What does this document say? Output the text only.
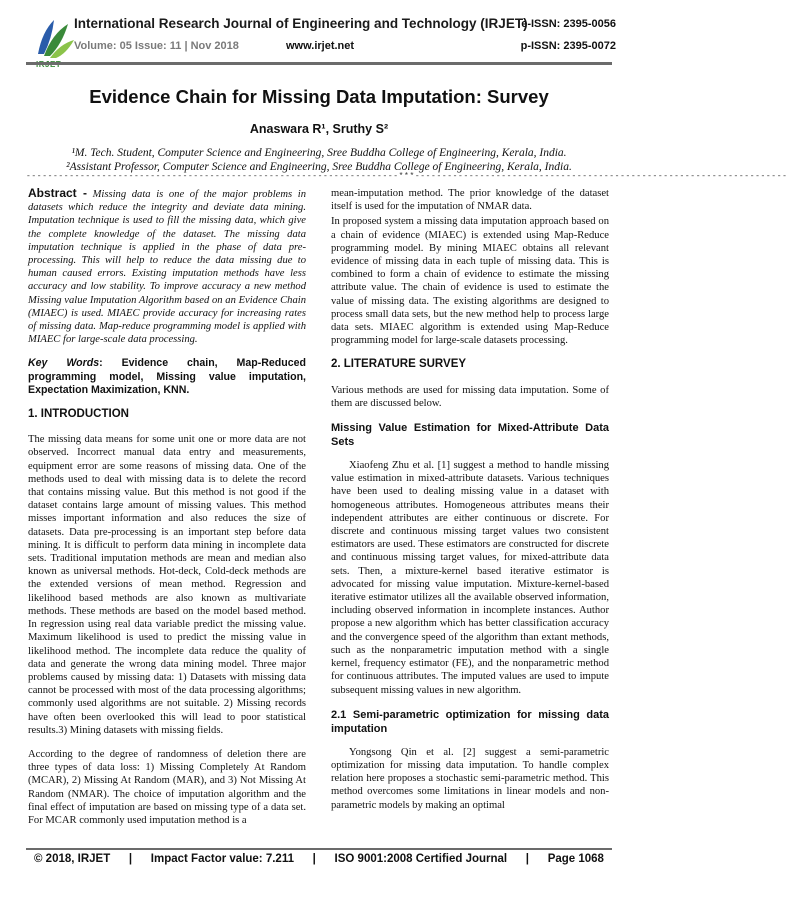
IRJET
International Research Journal of Engineering and Technology (IRJET)
e-ISSN: 2395-0056
Volume: 05 Issue: 11 | Nov 2018	www.irjet.net	p-ISSN: 2395-0072
Evidence Chain for Missing Data Imputation: Survey
Anaswara R¹, Sruthy S²
¹M. Tech. Student, Computer Science and Engineering, Sree Buddha College of Engineering, Kerala, India.
²Assistant Professor, Computer Science and Engineering, Sree Buddha College of Engineering, Kerala, India.
---------------------------------------------------------------------***---------------------------------------------------------------------

Abstract - Missing data is one of the major problems in datasets which reduce the integrity and deviate data mining. Imputation technique is used to fill the missing data, which give the complete knowledge of the dataset. The missing data imputation technique is applied in the phase of data pre-processing. This will help to reduce the data missing due to human caused errors. Existing imputation methods have less accuracy and low stability. To improve accuracy a new method Missing value Imputation Algorithm based on an Evidence Chain (MIAEC) is used. MIAEC provide accuracy for increasing rates of missing data. Map-reduce programming model is applied with MIAEC for large-scale data processing.

Key Words: Evidence chain, Map-Reduced programming model, Missing value imputation, Expectation Maximization, KNN.

1. INTRODUCTION

The missing data means for some unit one or more data are not observed. Incorrect manual data entry and measurements, equipment error are some reasons of missing data. One of the methods used to deal with missing data is to delete the record that contains missing value. But this method is not good if the dataset contains large amount of missing values. This method misses important information and also reduces the size of datasets. Data pre-processing is an important step before data mining. It is difficult to perform data mining in incomplete data sets. Traditional imputation methods are mean and median also known as universal methods. Hot-deck, Cold-deck methods are the extended versions of mean method. Regression and likelihood based methods are also known as multivariate methods. These methods are based on the model based method. In regression using real data variable predict the missing value. Maximum likelihood is used to predict the missing value in likelihood method. The incomplete data reduce the quality of data and generate the wrong data mining model. Three major problems caused by missing data: 1) Datasets with missing data cannot be processed with most of the data processing algorithms; commonly used algorithms are not suitable. 2) Missing records have often been overlooked this will lead to poor statistical results.3) Mining datasets with missing fields.

According to the degree of randomness of deletion there are three types of data loss: 1) Missing Completely At Random (MCAR), 2) Missing At Random (MAR), and 3) Not Missing At Random (NMAR). The choice of imputation algorithm and the final effect of imputation are based on missing type of a data set. For MCAR commonly used imputation method is a

mean-imputation method. The prior knowledge of the dataset itself is used for the imputation of NMAR data.

In proposed system a missing data imputation approach based on a chain of evidence (MIAEC) is extended using Map-Reduce programming model. By mining MIAEC obtains all relevant evidence of missing data in each tuple of missing data. This is combined to form a chain of evidence to estimate the missing attribute value. The chain of evidence is used to estimate the value of missing data. The existing algorithms are designed to process small data sets, but the new method help to process large data sets. MIAEC algorithm is extended using Map-Reduce programming model for large-scale datasets processing.

2. LITERATURE SURVEY

Various methods are used for missing data imputation. Some of them are discussed below.

Missing Value Estimation for Mixed-Attribute Data Sets

Xiaofeng Zhu et al. [1] suggest a method to handle missing value estimation in mixed-attribute datasets. Various techniques have been used to dealing missing value in a dataset with homogeneous attributes. Homogeneous attributes means their independent attributes are either continuous or discrete. For discrete and continuous missing target values two consistent estimators are used. These estimators are constructed for discrete and continuous missing target values, for mixed-attribute data sets. Then, a mixture-kernel based iterative estimator is advocated for missing value imputation. Mixture-kernel-based iterative estimator utilizes all the available observed information, including observed information in incomplete instances. Author propose a new algorithm which has better classification accuracy and the convergence speed of the algorithm than extant methods, such as the nonparametric imputation method with a single kernel, frequency estimator (FE), and the nonparametric method for continuous attributes. The imputed values are used to impute subsequent missing values in new algorithm.

2.1 Semi-parametric optimization for missing data imputation

Yongsong Qin et al. [2] suggest a semi-parametric optimization for missing data imputation. To handle complex relation here proposes a stochastic semi-parametric method. This method overcomes some limitations in linear models and non-parametric models by making an optimal

© 2018, IRJET | Impact Factor value: 7.211 | ISO 9001:2008 Certified Journal | Page 1068
